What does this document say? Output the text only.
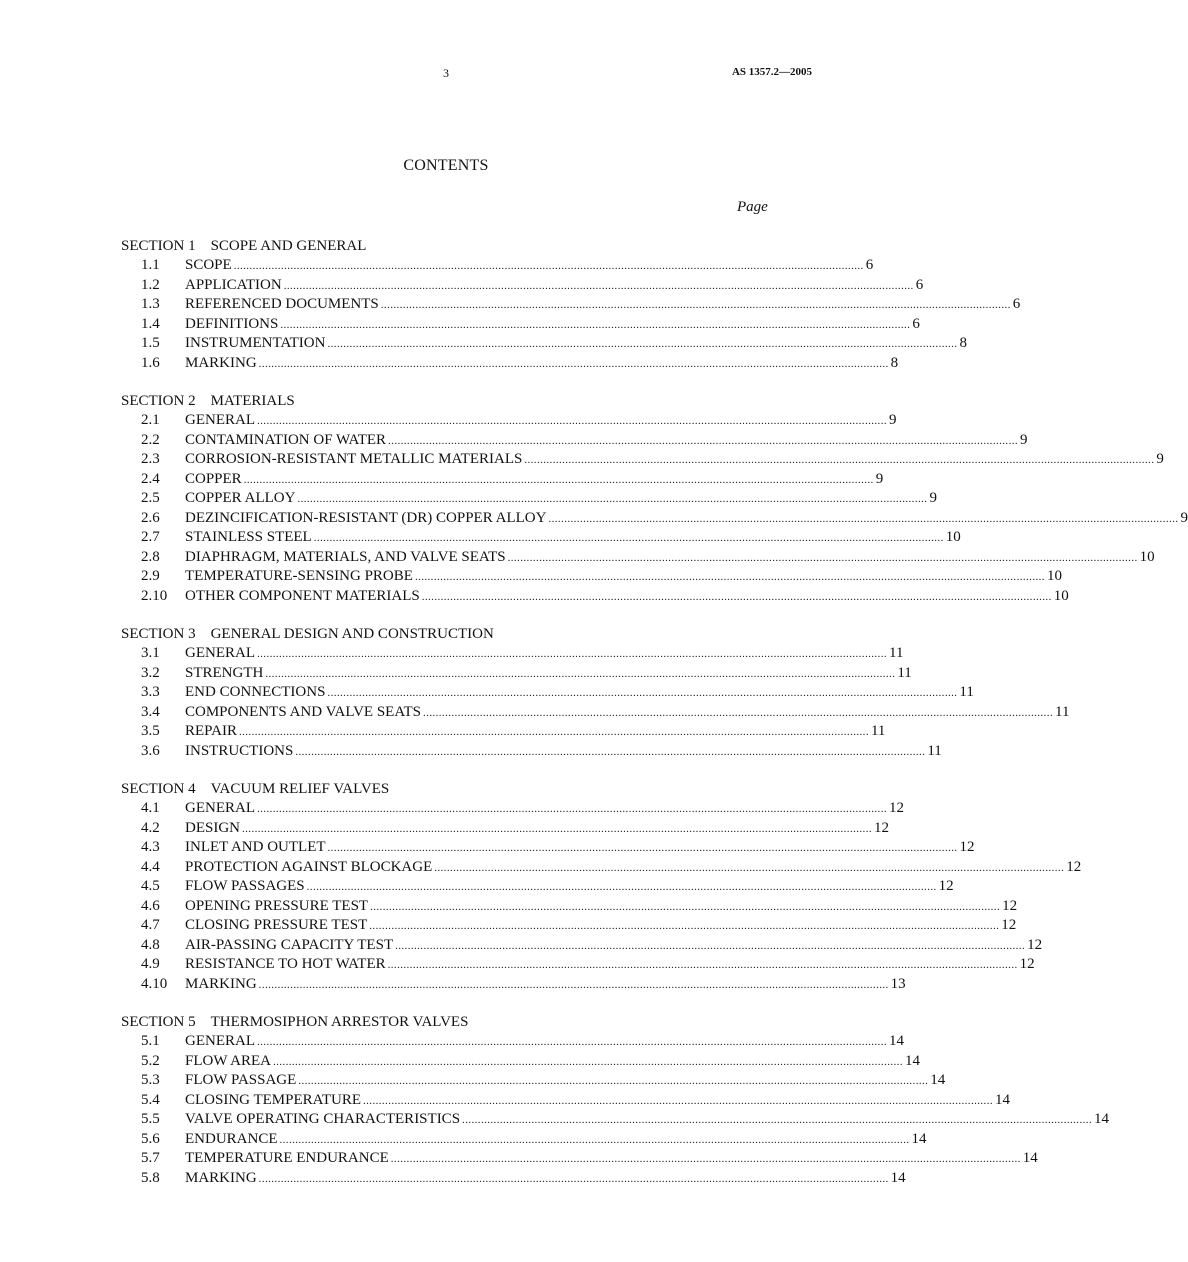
3	AS 1357.2—2005
CONTENTS
Page
SECTION 1 SCOPE AND GENERAL
1.1	SCOPE ........................................................................................................................................................................................................ 6
1.2	APPLICATION ........................................................................................................................................................................................................ 6
1.3	REFERENCED DOCUMENTS ........................................................................................................................................................................................................ 6
1.4	DEFINITIONS ........................................................................................................................................................................................................ 6
1.5	INSTRUMENTATION ........................................................................................................................................................................................................ 8
1.6	MARKING ........................................................................................................................................................................................................ 8
SECTION 2 MATERIALS
2.1	GENERAL ........................................................................................................................................................................................................ 9
2.2	CONTAMINATION OF WATER ........................................................................................................................................................................................................ 9
2.3	CORROSION-RESISTANT METALLIC MATERIALS ........................................................................................................................................................................................................ 9
2.4	COPPER ........................................................................................................................................................................................................ 9
2.5	COPPER ALLOY ........................................................................................................................................................................................................ 9
2.6	DEZINCIFICATION-RESISTANT (DR) COPPER ALLOY ........................................................................................................................................................................................................ 9
2.7	STAINLESS STEEL ........................................................................................................................................................................................................ 10
2.8	DIAPHRAGM, MATERIALS, AND VALVE SEATS ........................................................................................................................................................................................................ 10
2.9	TEMPERATURE-SENSING PROBE ........................................................................................................................................................................................................ 10
2.10	OTHER COMPONENT MATERIALS ........................................................................................................................................................................................................ 10
SECTION 3 GENERAL DESIGN AND CONSTRUCTION
3.1	GENERAL ........................................................................................................................................................................................................ 11
3.2	STRENGTH ........................................................................................................................................................................................................ 11
3.3	END CONNECTIONS ........................................................................................................................................................................................................ 11
3.4	COMPONENTS AND VALVE SEATS ........................................................................................................................................................................................................ 11
3.5	REPAIR ........................................................................................................................................................................................................ 11
3.6	INSTRUCTIONS ........................................................................................................................................................................................................ 11
SECTION 4 VACUUM RELIEF VALVES
4.1	GENERAL ........................................................................................................................................................................................................ 12
4.2	DESIGN ........................................................................................................................................................................................................ 12
4.3	INLET AND OUTLET ........................................................................................................................................................................................................ 12
4.4	PROTECTION AGAINST BLOCKAGE ........................................................................................................................................................................................................ 12
4.5	FLOW PASSAGES ........................................................................................................................................................................................................ 12
4.6	OPENING PRESSURE TEST ........................................................................................................................................................................................................ 12
4.7	CLOSING PRESSURE TEST ........................................................................................................................................................................................................ 12
4.8	AIR-PASSING CAPACITY TEST ........................................................................................................................................................................................................ 12
4.9	RESISTANCE TO HOT WATER ........................................................................................................................................................................................................ 12
4.10	MARKING ........................................................................................................................................................................................................ 13
SECTION 5 THERMOSIPHON ARRESTOR VALVES
5.1	GENERAL ........................................................................................................................................................................................................ 14
5.2	FLOW AREA ........................................................................................................................................................................................................ 14
5.3	FLOW PASSAGE ........................................................................................................................................................................................................ 14
5.4	CLOSING TEMPERATURE ........................................................................................................................................................................................................ 14
5.5	VALVE OPERATING CHARACTERISTICS ........................................................................................................................................................................................................ 14
5.6	ENDURANCE ........................................................................................................................................................................................................ 14
5.7	TEMPERATURE ENDURANCE ........................................................................................................................................................................................................ 14
5.8	MARKING ........................................................................................................................................................................................................ 14
